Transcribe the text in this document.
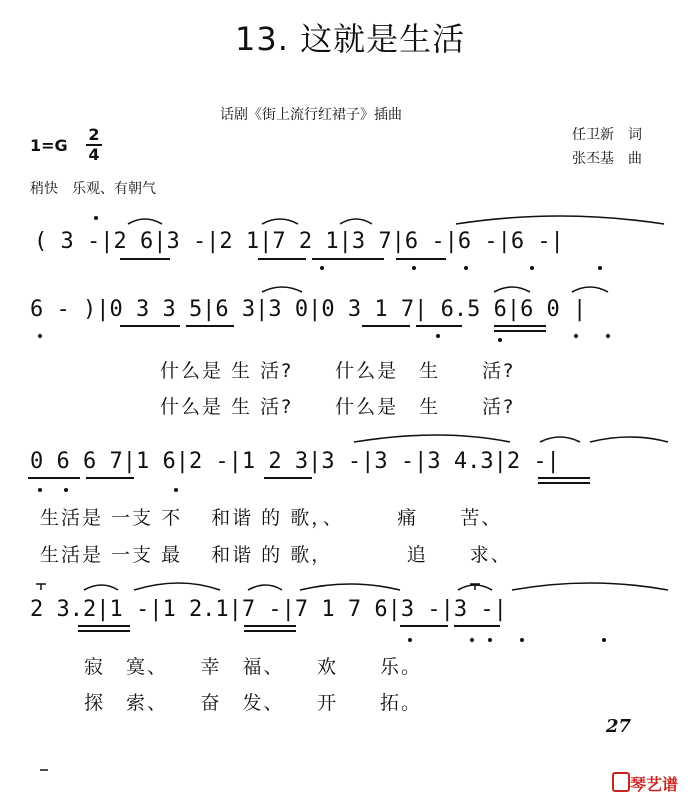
13. 这就是生活
话剧《街上流行红裙子》插曲
任卫新　词
张丕基　曲
$1=G \frac{2}{4}$
稍快　乐观、有朝气
( 3 -|2 6|3 -|2 1|7 2 1|3 7|6 -|6 -|6 -|
6 - )|0 3 3 5|6 3|3 0|0 3 1 7| 6.5 6|6 0 |
0 6 6 7|1 6|2 -|1 2 3|3 -|3 -|3 4.3|2 -|
2 3.2|1 -|1 2.1|7 -|7 1 7 6|3 -|3 -|
什么是 生 活?　　什么是　生　　活?
什么是 生 活?　　什么是　生　　活?
生活是 一支 不　 和谐 的 歌，、　　　痛　　苦、
生活是 一支 最　 和谐 的 歌，　　　　追　　求、
寂　寞、　　幸　福、　　欢　　乐。
探　索、　　奋　发、　　开　　拓。
27
琴艺谱
